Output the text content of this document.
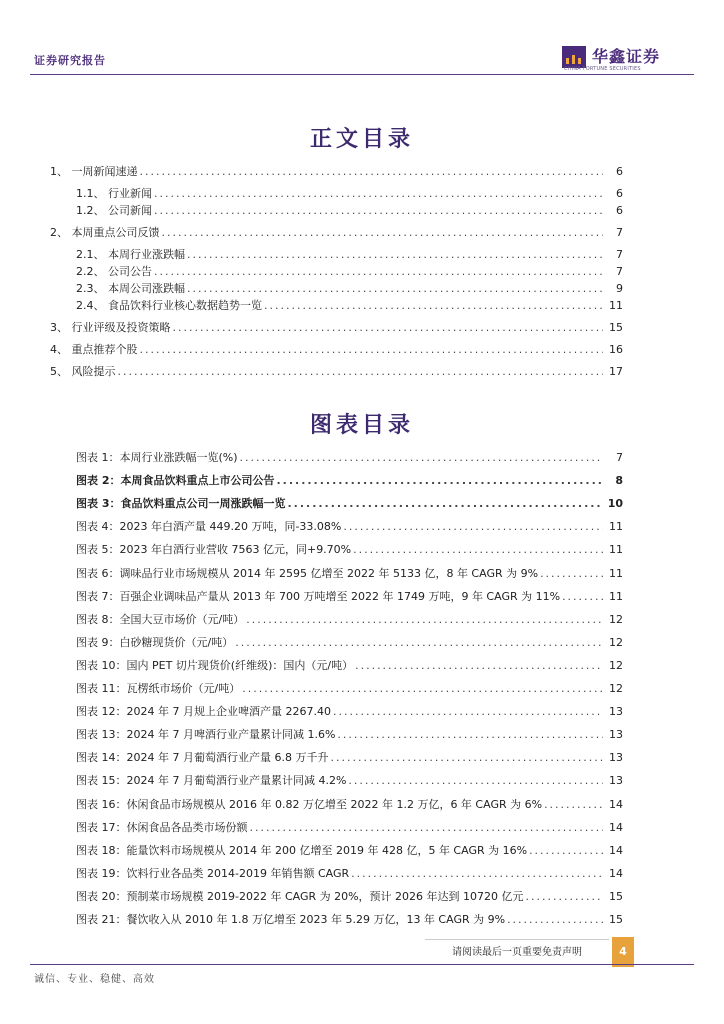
证券研究报告	华鑫证券
CHINA FORTUNE SECURITIES
正文目录
1、 一周新闻速递 .....	6
1.1、 行业新闻 .....	6
1.2、 公司新闻 .....	6
2、 本周重点公司反馈 .....	7
2.1、 本周行业涨跌幅 .....	7
2.2、 公司公告 .....	7
2.3、 本周公司涨跌幅 .....	9
2.4、 食品饮料行业核心数据趋势一览 .....	11
3、 行业评级及投资策略 .....	15
4、 重点推荐个股 .....	16
5、 风险提示 .....	17
图表目录
图表 1：本周行业涨跌幅一览(%) .....	7
图表 2：本周食品饮料重点上市公司公告 .....	8
图表 3：食品饮料重点公司一周涨跌幅一览 .....	10
图表 4：2023 年白酒产量 449.20 万吨，同-33.08% .....	11
图表 5：2023 年白酒行业营收 7563 亿元，同+9.70% .....	11
图表 6：调味品行业市场规模从 2014 年 2595 亿增至 2022 年 5133 亿，8 年 CAGR 为 9% .....	11
图表 7：百强企业调味品产量从 2013 年 700 万吨增至 2022 年 1749 万吨，9 年 CAGR 为 11% .....	11
图表 8：全国大豆市场价（元/吨） .....	12
图表 9：白砂糖现货价（元/吨） .....	12
图表 10：国内 PET 切片现货价(纤维级)：国内（元/吨） .....	12
图表 11：瓦楞纸市场价（元/吨） .....	12
图表 12：2024 年 7 月规上企业啤酒产量 2267.40 .....	13
图表 13：2024 年 7 月啤酒行业产量累计同减 1.6% .....	13
图表 14：2024 年 7 月葡萄酒行业产量 6.8 万千升 .....	13
图表 15：2024 年 7 月葡萄酒行业产量累计同减 4.2% .....	13
图表 16：休闲食品市场规模从 2016 年 0.82 万亿增至 2022 年 1.2 万亿，6 年 CAGR 为 6% .....	14
图表 17：休闲食品各品类市场份额 .....	14
图表 18：能量饮料市场规模从 2014 年 200 亿增至 2019 年 428 亿，5 年 CAGR 为 16% .....	14
图表 19：饮料行业各品类 2014-2019 年销售额 CAGR .....	14
图表 20：预制菜市场规模 2019-2022 年 CAGR 为 20%，预计 2026 年达到 10720 亿元 .....	15
图表 21：餐饮收入从 2010 年 1.8 万亿增至 2023 年 5.29 万亿，13 年 CAGR 为 9% .....	15
请阅读最后一页重要免责声明	4
诚信、专业、稳健、高效
